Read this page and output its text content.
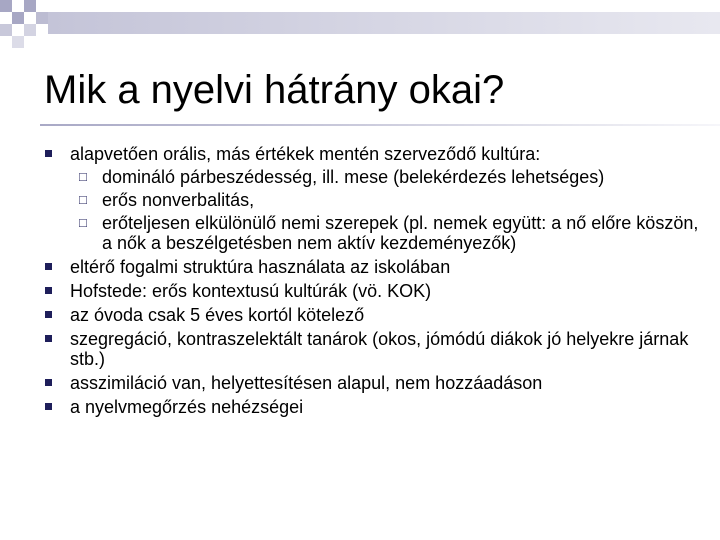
Mik a nyelvi hátrány okai?
alapvetően orális, más értékek mentén szerveződő kultúra:
□ domináló párbeszédesség, ill. mese (belekérdezés lehetséges)
□ erős nonverbalitás,
□ erőteljesen elkülönülő nemi szerepek (pl. nemek együtt: a nő előre köszön, a nők a beszélgetésben nem aktív kezdeményezők)
eltérő fogalmi struktúra használata az iskolában
Hofstede: erős kontextusú kultúrák (vö. KOK)
az óvoda csak 5 éves kortól kötelező
szegregáció, kontraszelektált tanárok (okos, jómódú diákok jó helyekre járnak stb.)
asszimiláció van, helyettesítésen alapul, nem hozzáadáson
a nyelvmegőrzés nehézségei
